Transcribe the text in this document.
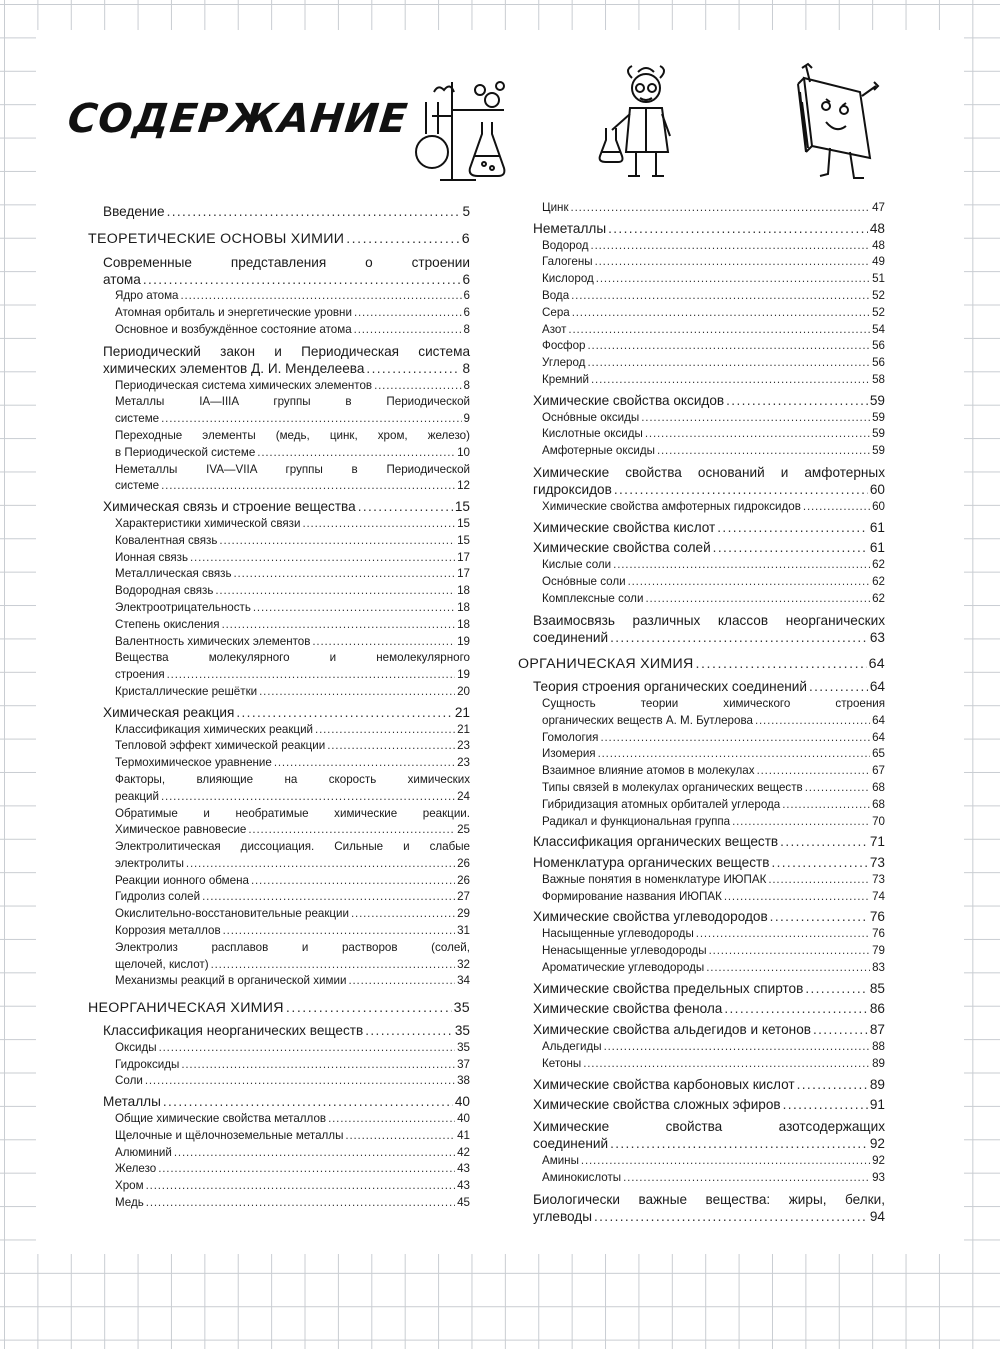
СОДЕРЖАНИЕ
Введение . . .	5
ТЕОРЕТИЧЕСКИЕ ОСНОВЫ ХИМИИ . . .	6
Современные представления о строении
атома . . .	6
Ядро атома . . .	6
Атомная орбиталь и энергетические уровни . . .	6
Основное и возбуждённое состояние атома . . .	8
Периодический закон и Периодическая система
химических элементов Д. И. Менделеева . . .	8
Периодическая система химических элементов . . .	8
Металлы IA—IIIA группы в Периодической
системе . . .	9
Переходные элементы (медь, цинк, хром, железо)
в Периодической системе . . .	10
Неметаллы IVA—VIIA группы в Периодической
системе . . .	12
Химическая связь и строение вещества . . .	15
Характеристики химической связи . . .	15
Ковалентная связь . . .	15
Ионная связь . . .	17
Металлическая связь . . .	17
Водородная связь . . .	18
Электроотрицательность . . .	18
Степень окисления . . .	18
Валентность химических элементов . . .	19
Вещества молекулярного и немолекулярного
строения . . .	19
Кристаллические решётки . . .	20
Химическая реакция . . .	21
Классификация химических реакций . . .	21
Тепловой эффект химической реакции . . .	23
Термохимическое уравнение . . .	23
Факторы, влияющие на скорость химических
реакций . . .	24
Обратимые и необратимые химические реакции.
Химическое равновесие . . .	25
Электролитическая диссоциация. Сильные и слабые
электролиты . . .	26
Реакции ионного обмена . . .	26
Гидролиз солей . . .	27
Окислительно-восстановительные реакции . . .	29
Коррозия металлов . . .	31
Электролиз расплавов и растворов (солей,
щелочей, кислот) . . .	32
Механизмы реакций в органической химии . . .	34
НЕОРГАНИЧЕСКАЯ ХИМИЯ . . .	35
Классификация неорганических веществ . . .	35
Оксиды . . .	35
Гидроксиды . . .	37
Соли . . .	38
Металлы . . .	40
Общие химические свойства металлов . . .	40
Щелочные и щёлочноземельные металлы . . .	41
Алюминий . . .	42
Железо . . .	43
Хром . . .	43
Медь . . .	45
Цинк . . .	47
Неметаллы . . .	48
Водород . . .	48
Галогены . . .	49
Кислород . . .	51
Вода . . .	52
Сера . . .	52
Азот . . .	54
Фосфор . . .	56
Углерод . . .	56
Кремний . . .	58
Химические свойства оксидов . . .	59
Осно́вные оксиды . . .	59
Кислотные оксиды . . .	59
Амфотерные оксиды . . .	59
Химические свойства оснований и амфотерных
гидроксидов . . .	60
Химические свойства амфотерных гидроксидов . . .	60
Химические свойства кислот . . .	61
Химические свойства солей . . .	61
Кислые соли . . .	62
Осно́вные соли . . .	62
Комплексные соли . . .	62
Взаимосвязь различных классов неорганических
соединений . . .	63
ОРГАНИЧЕСКАЯ ХИМИЯ . . .	64
Теория строения органических соединений . . .	64
Сущность теории химического строения
органических веществ А. М. Бутлерова . . .	64
Гомология . . .	64
Изомерия . . .	65
Взаимное влияние атомов в молекулах . . .	67
Типы связей в молекулах органических веществ . . .	68
Гибридизация атомных орбиталей углерода . . .	68
Радикал и функциональная группа . . .	70
Классификация органических веществ . . .	71
Номенклатура органических веществ . . .	73
Важные понятия в номенклатуре ИЮПАК . . .	73
Формирование названия ИЮПАК . . .	74
Химические свойства углеводородов . . .	76
Насыщенные углеводороды . . .	76
Ненасыщенные углеводороды . . .	79
Ароматические углеводороды . . .	83
Химические свойства предельных спиртов . . .	85
Химические свойства фенола . . .	86
Химические свойства альдегидов и кетонов . . .	87
Альдегиды . . .	88
Кетоны . . .	89
Химические свойства карбоновых кислот . . .	89
Химические свойства сложных эфиров . . .	91
Химические свойства азотсодержащих
соединений . . .	92
Амины . . .	92
Аминокислоты . . .	93
Биологически важные вещества: жиры, белки,
углеводы . . .	94
